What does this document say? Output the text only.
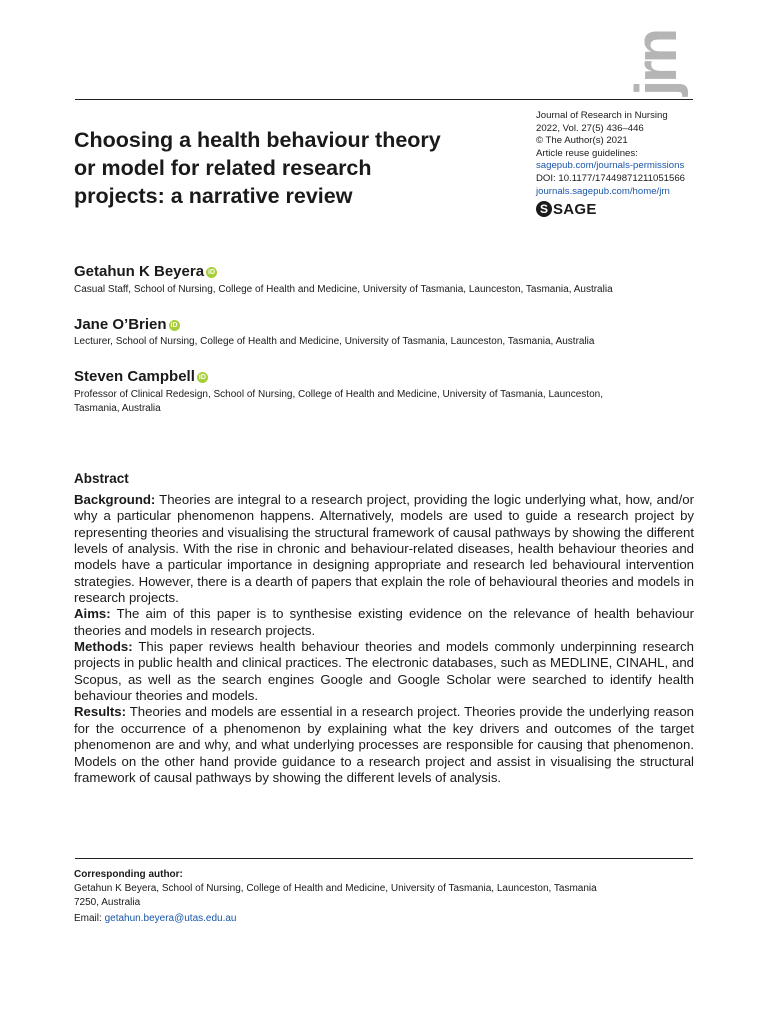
jrn
Choosing a health behaviour theory
or model for related research
projects: a narrative review
Journal of Research in Nursing
2022, Vol. 27(5) 436–446
© The Author(s) 2021
Article reuse guidelines:
sagepub.com/journals-permissions
DOI: 10.1177/17449871211051566
journals.sagepub.com/home/jrn
S SAGE
Getahun K Beyera iD
Casual Staff, School of Nursing, College of Health and Medicine, University of Tasmania, Launceston, Tasmania, Australia
Jane O’Brien iD
Lecturer, School of Nursing, College of Health and Medicine, University of Tasmania, Launceston, Tasmania, Australia
Steven Campbell iD
Professor of Clinical Redesign, School of Nursing, College of Health and Medicine, University of Tasmania, Launceston,
Tasmania, Australia
Abstract

Background: Theories are integral to a research project, providing the logic underlying what, how, and/or why a particular phenomenon happens. Alternatively, models are used to guide a research project by representing theories and visualising the structural framework of causal pathways by showing the different levels of analysis. With the rise in chronic and behaviour-related diseases, health behaviour theories and models have a particular importance in designing appropriate and research led behavioural intervention strategies. However, there is a dearth of papers that explain the role of behavioural theories and models in research projects.

Aims: The aim of this paper is to synthesise existing evidence on the relevance of health behaviour theories and models in research projects.

Methods: This paper reviews health behaviour theories and models commonly underpinning research projects in public health and clinical practices. The electronic databases, such as MEDLINE, CINAHL, and Scopus, as well as the search engines Google and Google Scholar were searched to identify health behaviour theories and models.

Results: Theories and models are essential in a research project. Theories provide the underlying reason for the occurrence of a phenomenon by explaining what the key drivers and outcomes of the target phenomenon are and why, and what underlying processes are responsible for causing that phenomenon. Models on the other hand provide guidance to a research project and assist in visualising the structural framework of causal pathways by showing the different levels of analysis.

Corresponding author:
Getahun K Beyera, School of Nursing, College of Health and Medicine, University of Tasmania, Launceston, Tasmania
7250, Australia
Email: getahun.beyera@utas.edu.au
